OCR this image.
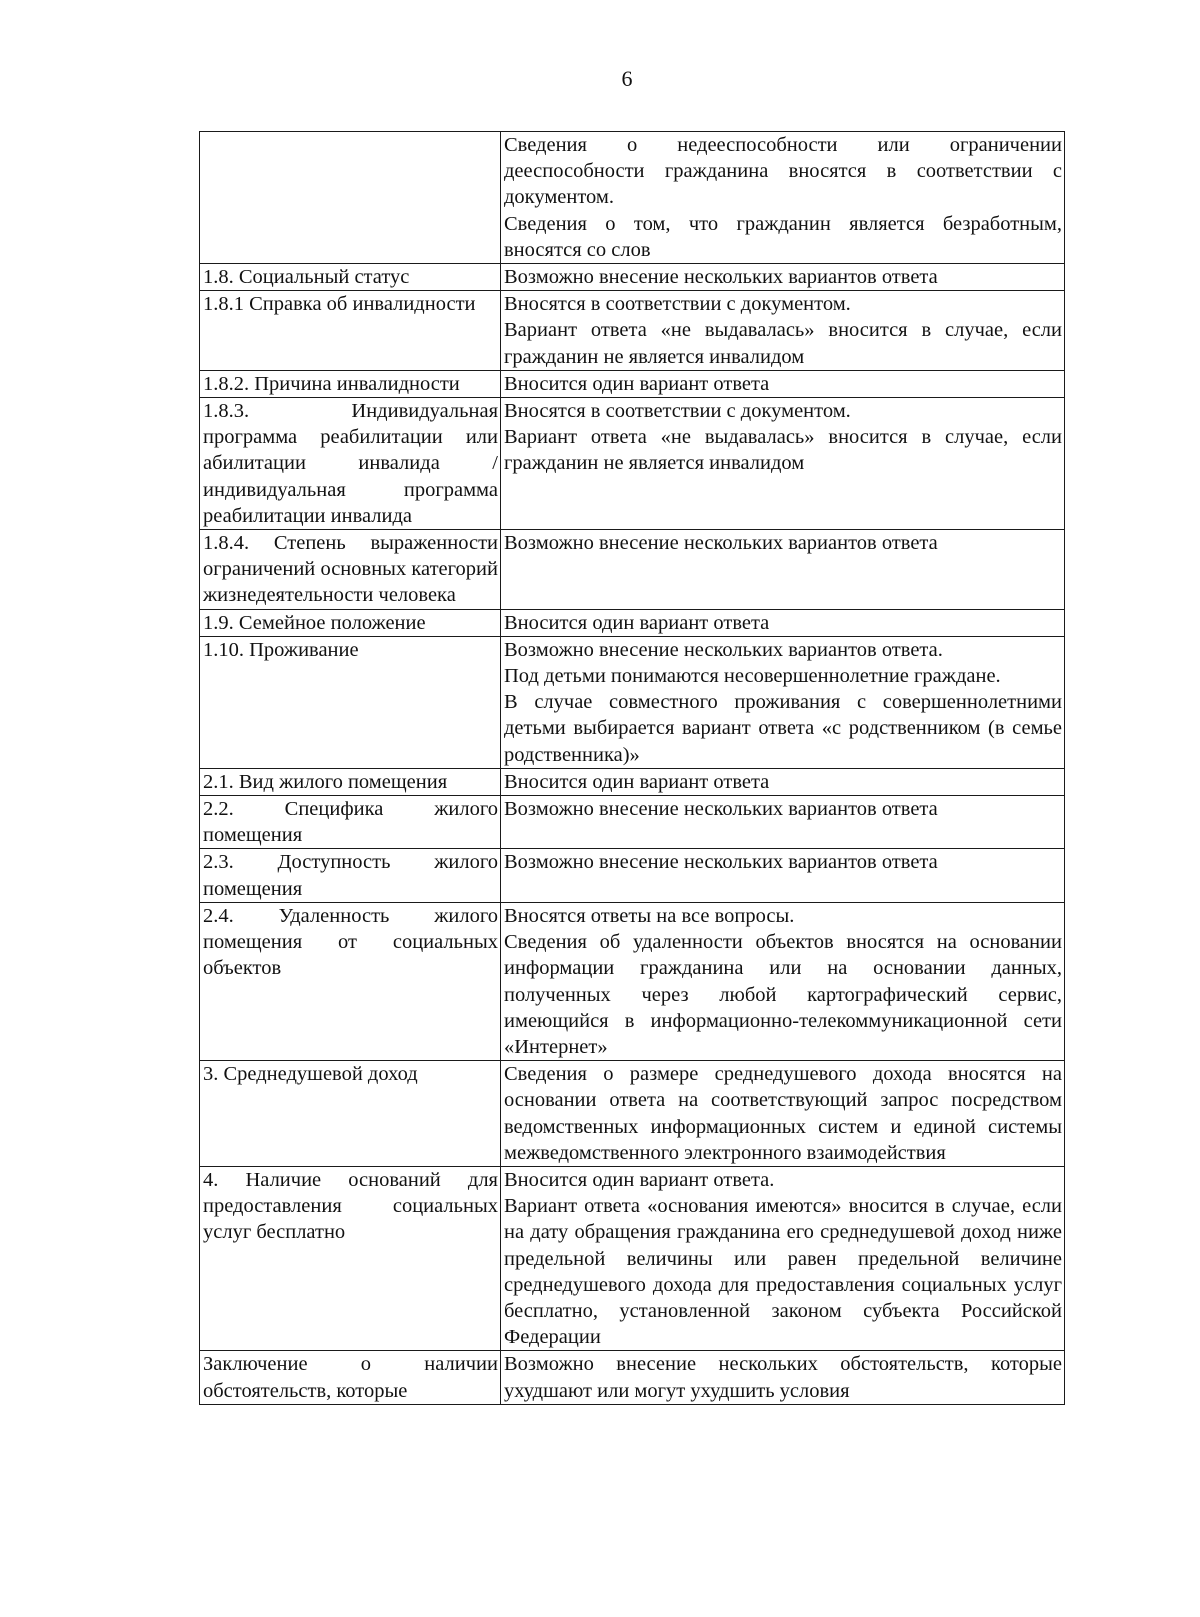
6

	Сведения о недееспособности или ограничении дееспособности гражданина вносятся в соответствии с документом.

Сведения о том, что гражданин является безработным, вносятся со слов

1.8. Социальный статус	Возможно внесение нескольких вариантов ответа

1.8.1 Справка об инвалидности	Вносятся в соответствии с документом.

Вариант ответа «не выдавалась» вносится в случае, если гражданин не является инвалидом

1.8.2. Причина инвалидности	Вносится один вариант ответа

1.8.3. Индивидуальная программа реабилитации или абилитации инвалида / индивидуальная программа реабилитации инвалида	Вносятся в соответствии с документом.

Вариант ответа «не выдавалась» вносится в случае, если гражданин не является инвалидом

1.8.4. Степень выраженности ограничений основных категорий жизнедеятельности человека	Возможно внесение нескольких вариантов ответа

1.9. Семейное положение	Вносится один вариант ответа

1.10. Проживание	Возможно внесение нескольких вариантов ответа.

Под детьми понимаются несовершеннолетние граждане.

В случае совместного проживания с совершеннолетними детьми выбирается вариант ответа «с родственником (в семье родственника)»

2.1. Вид жилого помещения	Вносится один вариант ответа

2.2. Специфика жилого помещения	Возможно внесение нескольких вариантов ответа

2.3. Доступность жилого помещения	Возможно внесение нескольких вариантов ответа

2.4. Удаленность жилого помещения от социальных объектов	Вносятся ответы на все вопросы.

Сведения об удаленности объектов вносятся на основании информации гражданина или на основании данных, полученных через любой картографический сервис, имеющийся в информационно-телекоммуникационной сети «Интернет»

3. Среднедушевой доход	Сведения о размере среднедушевого дохода вносятся на основании ответа на соответствующий запрос посредством ведомственных информационных систем и единой системы межведомственного электронного взаимодействия

4. Наличие оснований для предоставления социальных услуг бесплатно	Вносится один вариант ответа.

Вариант ответа «основания имеются» вносится в случае, если на дату обращения гражданина его среднедушевой доход ниже предельной величины или равен предельной величине среднедушевого дохода для предоставления социальных услуг бесплатно, установленной законом субъекта Российской Федерации

Заключение о наличии обстоятельств, которые	Возможно внесение нескольких обстоятельств, которые ухудшают или могут ухудшить условия
